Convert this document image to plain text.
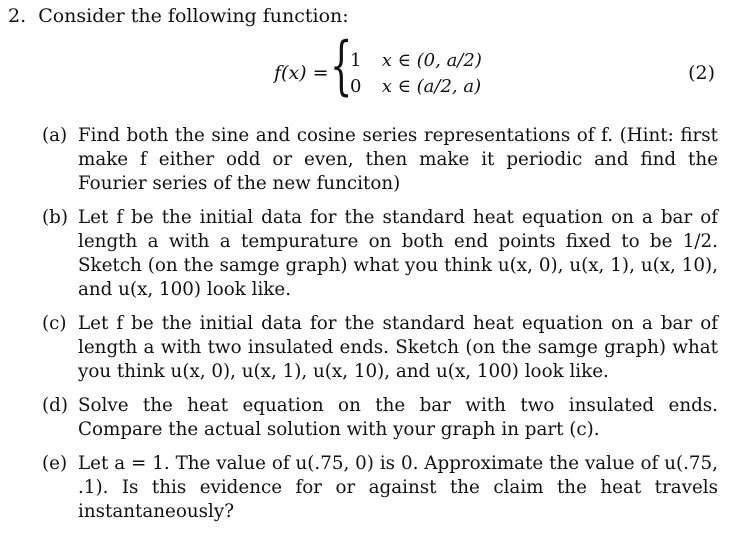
2. Consider the following function:
f(x) = {
1 x ∈ (0, a/2)
0 x ∈ (a/2, a)
(2)
(a) Find both the sine and cosine series representations of f. (Hint: first make f either odd or even, then make it periodic and find the Fourier series of the new funciton)
(b) Let f be the initial data for the standard heat equation on a bar of length a with a tempurature on both end points fixed to be 1/2. Sketch (on the samge graph) what you think u(x, 0), u(x, 1), u(x, 10), and u(x, 100) look like.
(c) Let f be the initial data for the standard heat equation on a bar of length a with two insulated ends. Sketch (on the samge graph) what you think u(x, 0), u(x, 1), u(x, 10), and u(x, 100) look like.
(d) Solve the heat equation on the bar with two insulated ends. Compare the actual solution with your graph in part (c).
(e) Let a = 1. The value of u(.75, 0) is 0. Approximate the value of u(.75, .1). Is this evidence for or against the claim the heat travels instantaneously?
